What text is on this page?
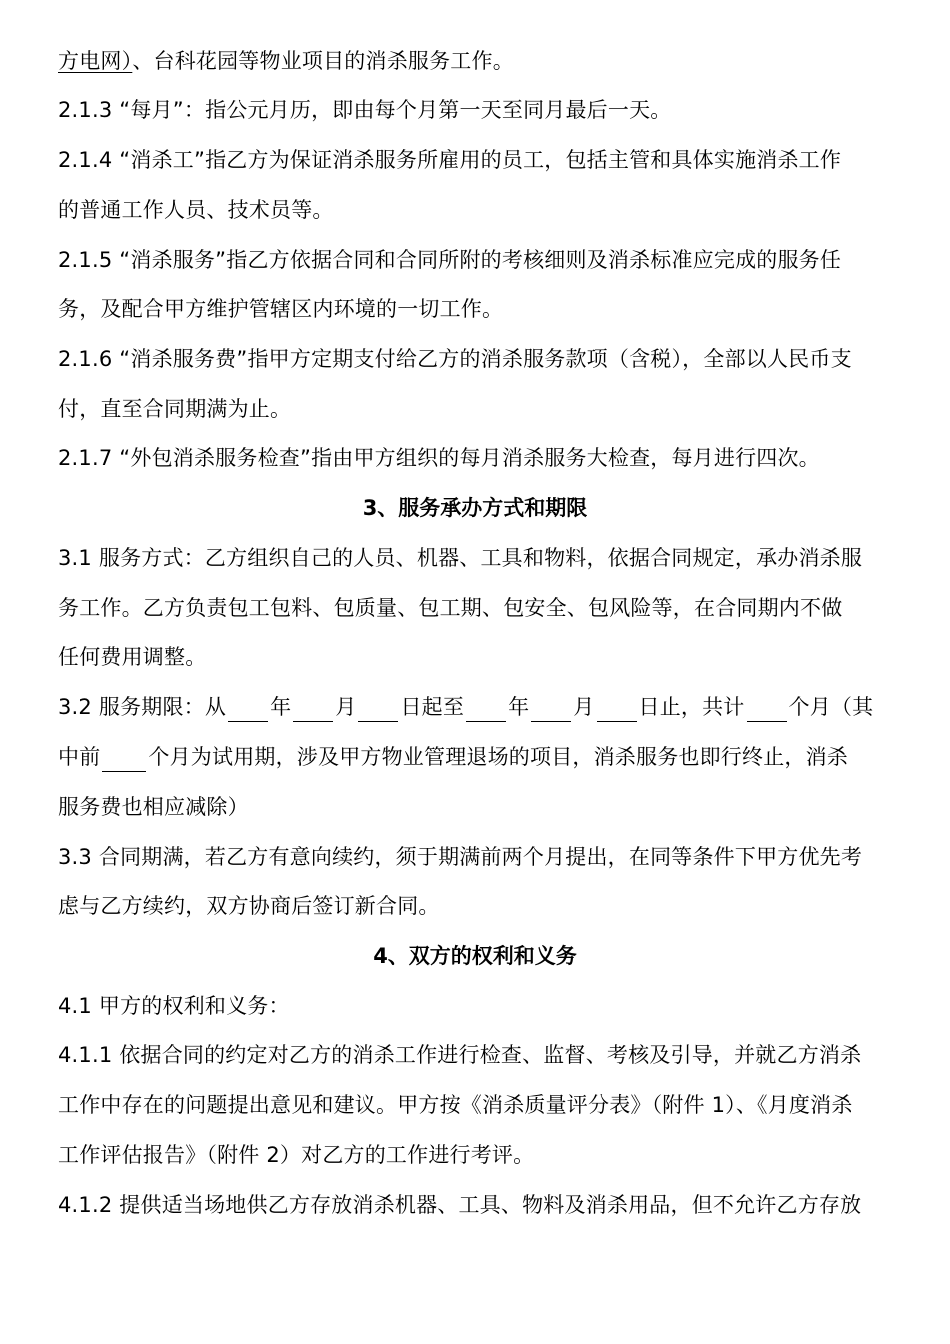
方电网）、台科花园等物业项目的消杀服务工作。
2.1.3 “每月”：指公元月历，即由每个月第一天至同月最后一天。
2.1.4 “消杀工”指乙方为保证消杀服务所雇用的员工，包括主管和具体实施消杀工作
的普通工作人员、技术员等。
2.1.5 “消杀服务”指乙方依据合同和合同所附的考核细则及消杀标准应完成的服务任
务，及配合甲方维护管辖区内环境的一切工作。
2.1.6 “消杀服务费”指甲方定期支付给乙方的消杀服务款项（含税），全部以人民币支
付，直至合同期满为止。
2.1.7 “外包消杀服务检查”指由甲方组织的每月消杀服务大检查，每月进行四次。
3、服务承办方式和期限
3.1 服务方式：乙方组织自己的人员、机器、工具和物料，依据合同规定，承办消杀服
务工作。乙方负责包工包料、包质量、包工期、包安全、包风险等，在合同期内不做
任何费用调整。
3.2 服务期限：从 年 月 日起至 年 月 日止，共计 个月（其
中前 个月为试用期，涉及甲方物业管理退场的项目，消杀服务也即行终止，消杀
服务费也相应减除）
3.3 合同期满，若乙方有意向续约，须于期满前两个月提出，在同等条件下甲方优先考
虑与乙方续约，双方协商后签订新合同。
4、双方的权利和义务
4.1 甲方的权利和义务：
4.1.1 依据合同的约定对乙方的消杀工作进行检查、监督、考核及引导，并就乙方消杀
工作中存在的问题提出意见和建议。甲方按《消杀质量评分表》（附件 1）、《月度消杀
工作评估报告》（附件 2）对乙方的工作进行考评。
4.1.2 提供适当场地供乙方存放消杀机器、工具、物料及消杀用品，但不允许乙方存放
